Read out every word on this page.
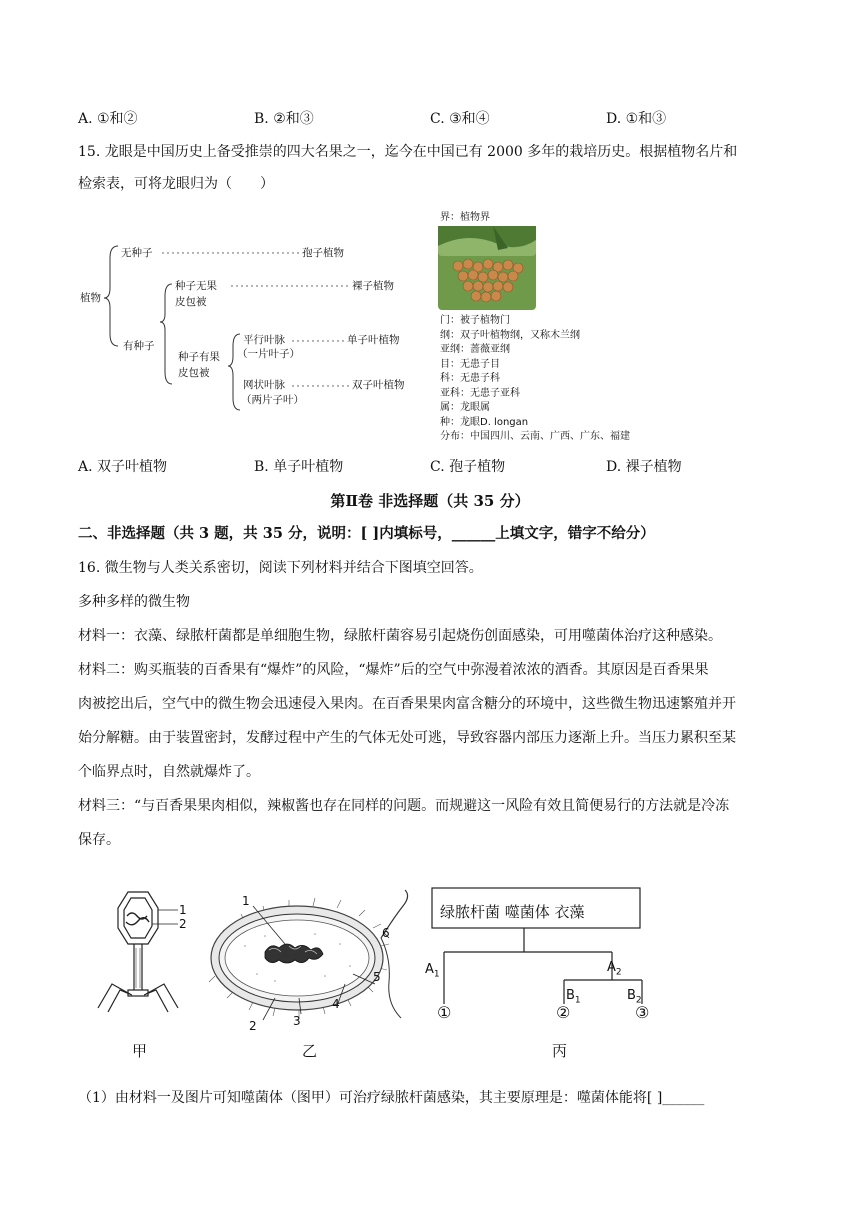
A. ①和②	B. ②和③	C. ③和④	D. ①和③
15. 龙眼是中国历史上备受推崇的四大名果之一，迄今在中国已有 2000 多年的栽培历史。根据植物名片和
检索表，可将龙眼归为（　　）
植物
无种子	孢子植物
有种子
种子无果
皮包被
裸子植物
种子有果
皮包被
平行叶脉
（一片叶子）
单子叶植物
网状叶脉
（两片子叶）
双子叶植物
界：植物界
门：被子植物门
纲：双子叶植物纲，又称木兰纲
亚纲：蔷薇亚纲
目：无患子目
科：无患子科
亚科：无患子亚科
属：龙眼属
种：龙眼D. longan
分布：中国四川、云南、广西、广东、福建
A. 双子叶植物	B. 单子叶植物	C. 孢子植物	D. 裸子植物
第Ⅱ卷 非选择题（共 35 分）
二、非选择题（共 3 题，共 35 分，说明：[ ]内填标号，______上填文字，错字不给分）
16. 微生物与人类关系密切，阅读下列材料并结合下图填空回答。
多种多样的微生物
材料一：衣藻、绿脓杆菌都是单细胞生物，绿脓杆菌容易引起烧伤创面感染，可用噬菌体治疗这种感染。
材料二：购买瓶装的百香果有“爆炸”的风险，“爆炸”后的空气中弥漫着浓浓的酒香。其原因是百香果果
肉被挖出后，空气中的微生物会迅速侵入果肉。在百香果果肉富含糖分的环境中，这些微生物迅速繁殖并开
始分解糖。由于装置密封，发酵过程中产生的气体无处可逃，导致容器内部压力逐渐上升。当压力累积至某
个临界点时，自然就爆炸了。
材料三：“与百香果果肉相似，辣椒酱也存在同样的问题。而规避这一风险有效且简便易行的方法就是冷冻
保存。
1
2
甲
1
2	3
4
5
6
乙
绿脓杆菌 噬菌体 衣藻
$A_1$	$A_2$
$B_1$	$B_2$
①	②	③
丙
（1）由材料一及图片可知噬菌体（图甲）可治疗绿脓杆菌感染，其主要原理是：噬菌体能将[ ]______
